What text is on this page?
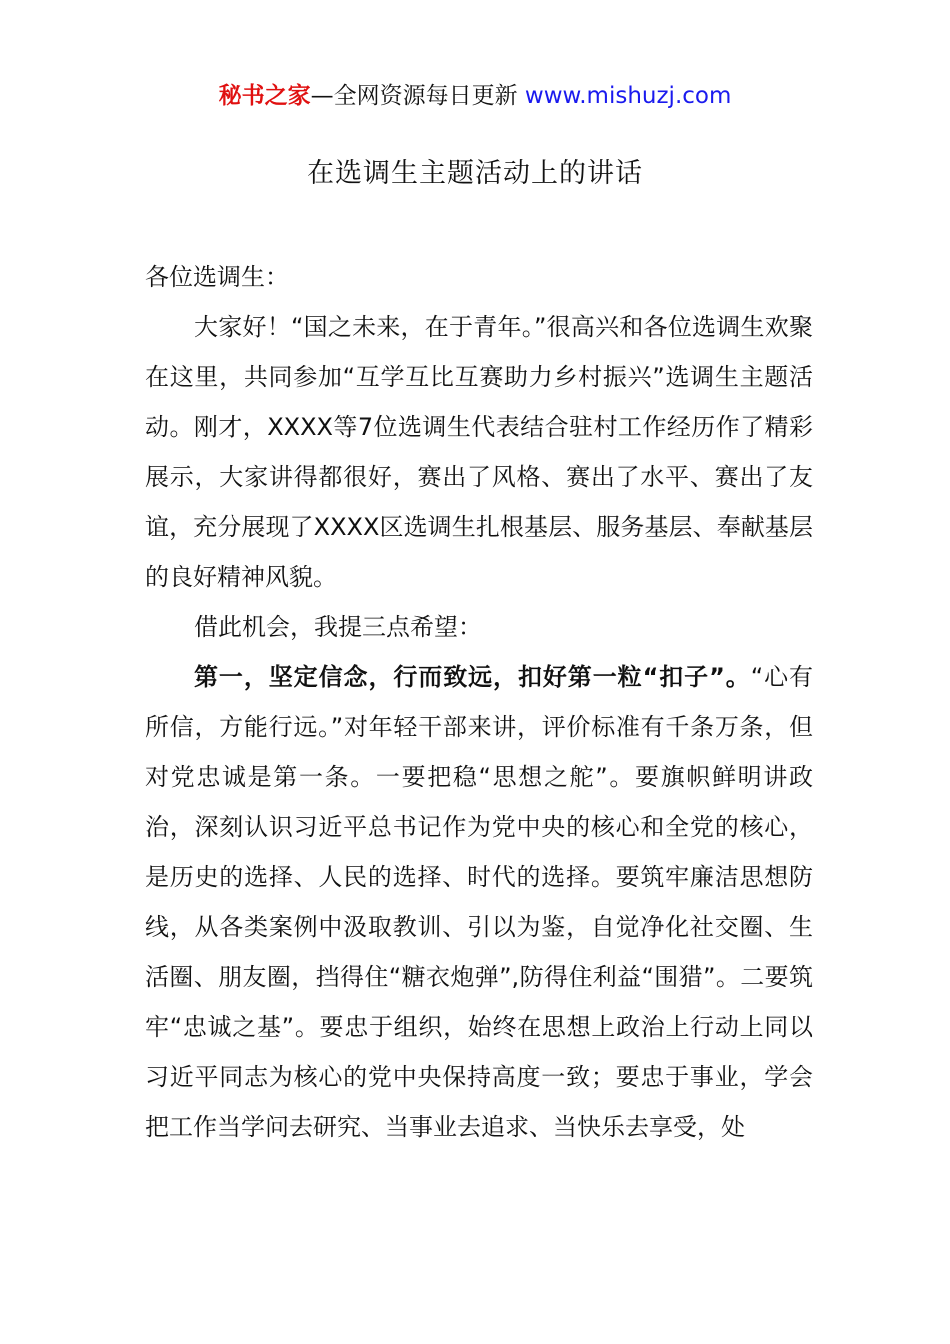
秘书之家—全网资源每日更新 www.mishuzj.com
在选调生主题活动上的讲话

各位选调生：

大家好！“国之未来，在于青年。”很高兴和各位选调生欢聚在这里，共同参加“互学互比互赛助力乡村振兴”选调生主题活动。刚才，XXXX等7位选调生代表结合驻村工作经历作了精彩展示，大家讲得都很好，赛出了风格、赛出了水平、赛出了友谊，充分展现了XXXX区选调生扎根基层、服务基层、奉献基层的良好精神风貌。

借此机会，我提三点希望：

第一，坚定信念，行而致远，扣好第一粒“扣子”。“心有所信，方能行远。”对年轻干部来讲，评价标准有千条万条，但对党忠诚是第一条。一要把稳“思想之舵”。要旗帜鲜明讲政治，深刻认识习近平总书记作为党中央的核心和全党的核心，是历史的选择、人民的选择、时代的选择。要筑牢廉洁思想防线，从各类案例中汲取教训、引以为鉴，自觉净化社交圈、生活圈、朋友圈，挡得住“糖衣炮弹”,防得住利益“围猎”。二要筑牢“忠诚之基”。要忠于组织，始终在思想上政治上行动上同以习近平同志为核心的党中央保持高度一致；要忠于事业，学会把工作当学问去研究、当事业去追求、当快乐去享受，处
